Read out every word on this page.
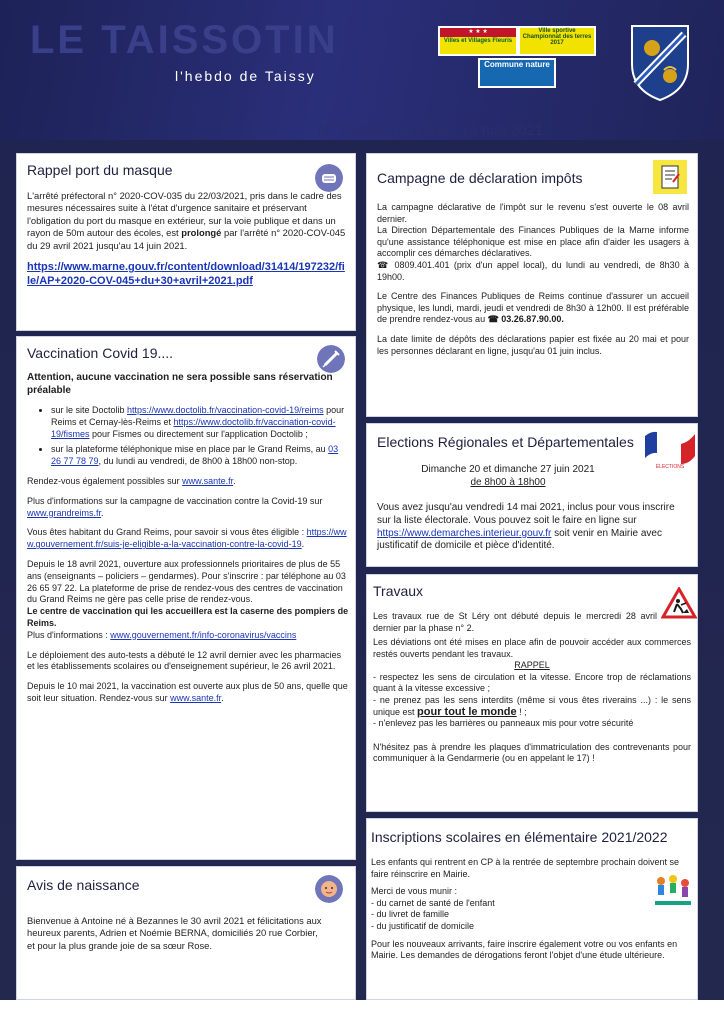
LE TAISSOTIN
l'hebdo de Taissy
N° 1942 du Vendredi 14 mai 2021
★ ★ ★
Villes et Villages Fleuris
Ville sportive Championnat des terres 2017
Commune nature
Rappel port du masque

L'arrêté préfectoral n° 2020-COV-035 du 22/03/2021, pris dans le cadre des mesures nécessaires suite à l'état d'urgence sanitaire et préservant l'obligation du port du masque en extérieur, sur la voie publique et dans un rayon de 50m autour des écoles, est prolongé par l'arrêté n° 2020-COV-045 du 29 avril 2021 jusqu'au 14 juin 2021.

https://www.marne.gouv.fr/content/download/31414/197232/file/AP+2020-COV-045+du+30+avril+2021.pdf

Vaccination Covid 19....

Attention, aucune vaccination ne sera possible sans réservation préalable

• sur le site Doctolib https://www.doctolib.fr/vaccination-covid-19/reims pour Reims et Cernay-lès-Reims et https://www.doctolib.fr/vaccination-covid-19/fismes pour Fismes ou directement sur l'application Doctolib ;
• sur la plateforme téléphonique mise en place par le Grand Reims, au 03 26 77 78 79, du lundi au vendredi, de 8h00 à 18h00 non-stop.

Rendez-vous également possibles sur www.sante.fr.

Plus d'informations sur la campagne de vaccination contre la Covid-19 sur www.grandreims.fr.

Vous êtes habitant du Grand Reims, pour savoir si vous êtes éligible : https://www.gouvernement.fr/suis-je-eligible-a-la-vaccination-contre-la-covid-19.

Depuis le 18 avril 2021, ouverture aux professionnels prioritaires de plus de 55 ans (enseignants – policiers – gendarmes). Pour s'inscrire : par téléphone au 03 26 65 97 22. La plateforme de prise de rendez-vous des centres de vaccination du Grand Reims ne gère pas celle prise de rendez-vous.

Le centre de vaccination qui les accueillera est la caserne des pompiers de Reims.

Plus d'informations : www.gouvernement.fr/info-coronavirus/vaccins

Le déploiement des auto-tests a débuté le 12 avril dernier avec les pharmacies et les établissements scolaires ou d'enseignement supérieur, le 26 avril 2021.

Depuis le 10 mai 2021, la vaccination est ouverte aux plus de 50 ans, quelle que soit leur situation. Rendez-vous sur www.sante.fr.

Avis de naissance

Bienvenue à Antoine né à Bezannes le 30 avril 2021 et félicitations aux heureux parents, Adrien et Noémie BERNA, domiciliés 20 rue Corbier, et pour la plus grande joie de sa sœur Rose.

Campagne de déclaration impôts

La campagne déclarative de l'impôt sur le revenu s'est ouverte le 08 avril dernier.

La Direction Départementale des Finances Publiques de la Marne informe qu'une assistance téléphonique est mise en place afin d'aider les usagers à accomplir ces démarches déclaratives.

☎ 0809.401.401 (prix d'un appel local), du lundi au vendredi, de 8h30 à 19h00.

Le Centre des Finances Publiques de Reims continue d'assurer un accueil physique, les lundi, mardi, jeudi et vendredi de 8h30 à 12h00. Il est préférable de prendre rendez-vous au ☎ 03.26.87.90.00.

La date limite de dépôts des déclarations papier est fixée au 20 mai et pour les personnes déclarant en ligne, jusqu'au 01 juin inclus.

Elections Régionales et Départementales
ÉLECTIONS

Dimanche 20 et dimanche 27 juin 2021

de 8h00 à 18h00

Vous avez jusqu'au vendredi 14 mai 2021, inclus pour vous inscrire sur la liste électorale. Vous pouvez soit le faire en ligne sur https://www.demarches.interieur.gouv.fr soit venir en Mairie avec justificatif de domicile et pièce d'identité.

Travaux

Les travaux rue de St Léry ont débuté depuis le mercredi 28 avril dernier par la phase n° 2.

Les déviations ont été mises en place afin de pouvoir accéder aux commerces restés ouverts pendant les travaux.

RAPPEL

- respectez les sens de circulation et la vitesse. Encore trop de réclamations quant à la vitesse excessive ;

- ne prenez pas les sens interdits (même si vous êtes riverains ...) : le sens unique est pour tout le monde ! ;

- n'enlevez pas les barrières ou panneaux mis pour votre sécurité

N'hésitez pas à prendre les plaques d'immatriculation des contrevenants pour communiquer à la Gendarmerie (ou en appelant le 17) !

Inscriptions scolaires en élémentaire 2021/2022

Les enfants qui rentrent en CP à la rentrée de septembre prochain doivent se faire réinscrire en Mairie.

Merci de vous munir :

- du carnet de santé de l'enfant

- du livret de famille

- du justificatif de domicile

Pour les nouveaux arrivants, faire inscrire également votre ou vos enfants en Mairie. Les demandes de dérogations feront l'objet d'une étude ultérieure.
